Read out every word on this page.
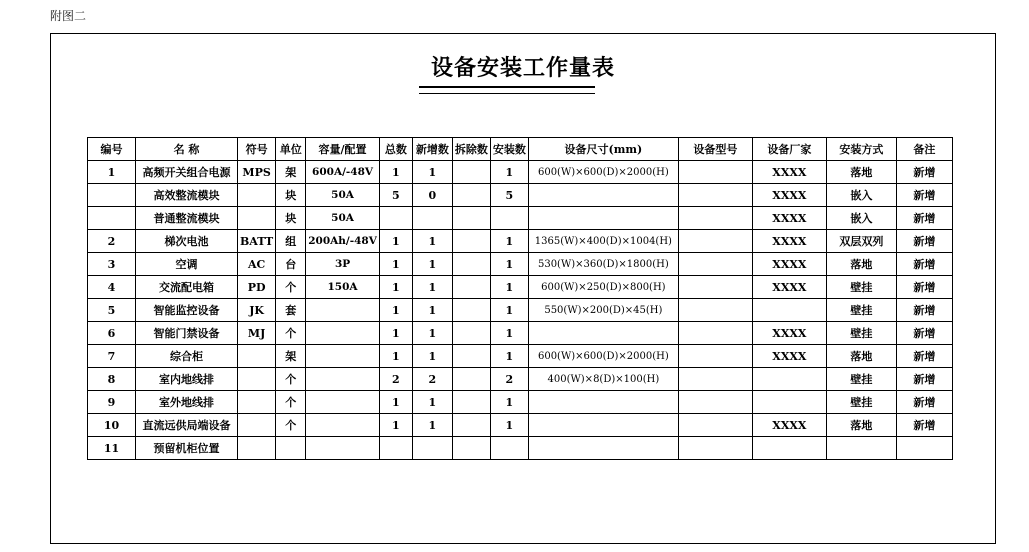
附图二
设备安装工作量表
编号	名 称	符号	单位	容量/配置	总数	新增数	拆除数	安装数	设备尺寸(mm)	设备型号	设备厂家	安装方式	备注
1	高频开关组合电源	MPS	架	600A/-48V	1	1		1	600(W)×600(D)×2000(H)		XXXX	落地	新增
	高效整流模块		块	50A	5	0		5			XXXX	嵌入	新增
	普通整流模块		块	50A							XXXX	嵌入	新增
2	梯次电池	BATT	组	200Ah/-48V	1	1		1	1365(W)×400(D)×1004(H)		XXXX	双层双列	新增
3	空调	AC	台	3P	1	1		1	530(W)×360(D)×1800(H)		XXXX	落地	新增
4	交流配电箱	PD	个	150A	1	1		1	600(W)×250(D)×800(H)		XXXX	壁挂	新增
5	智能监控设备	JK	套		1	1		1	550(W)×200(D)×45(H)			壁挂	新增
6	智能门禁设备	MJ	个		1	1		1			XXXX	壁挂	新增
7	综合柜		架		1	1		1	600(W)×600(D)×2000(H)		XXXX	落地	新增
8	室内地线排		个		2	2		2	400(W)×8(D)×100(H)			壁挂	新增
9	室外地线排		个		1	1		1				壁挂	新增
10	直流远供局端设备		个		1	1		1			XXXX	落地	新增
11	预留机柜位置												
